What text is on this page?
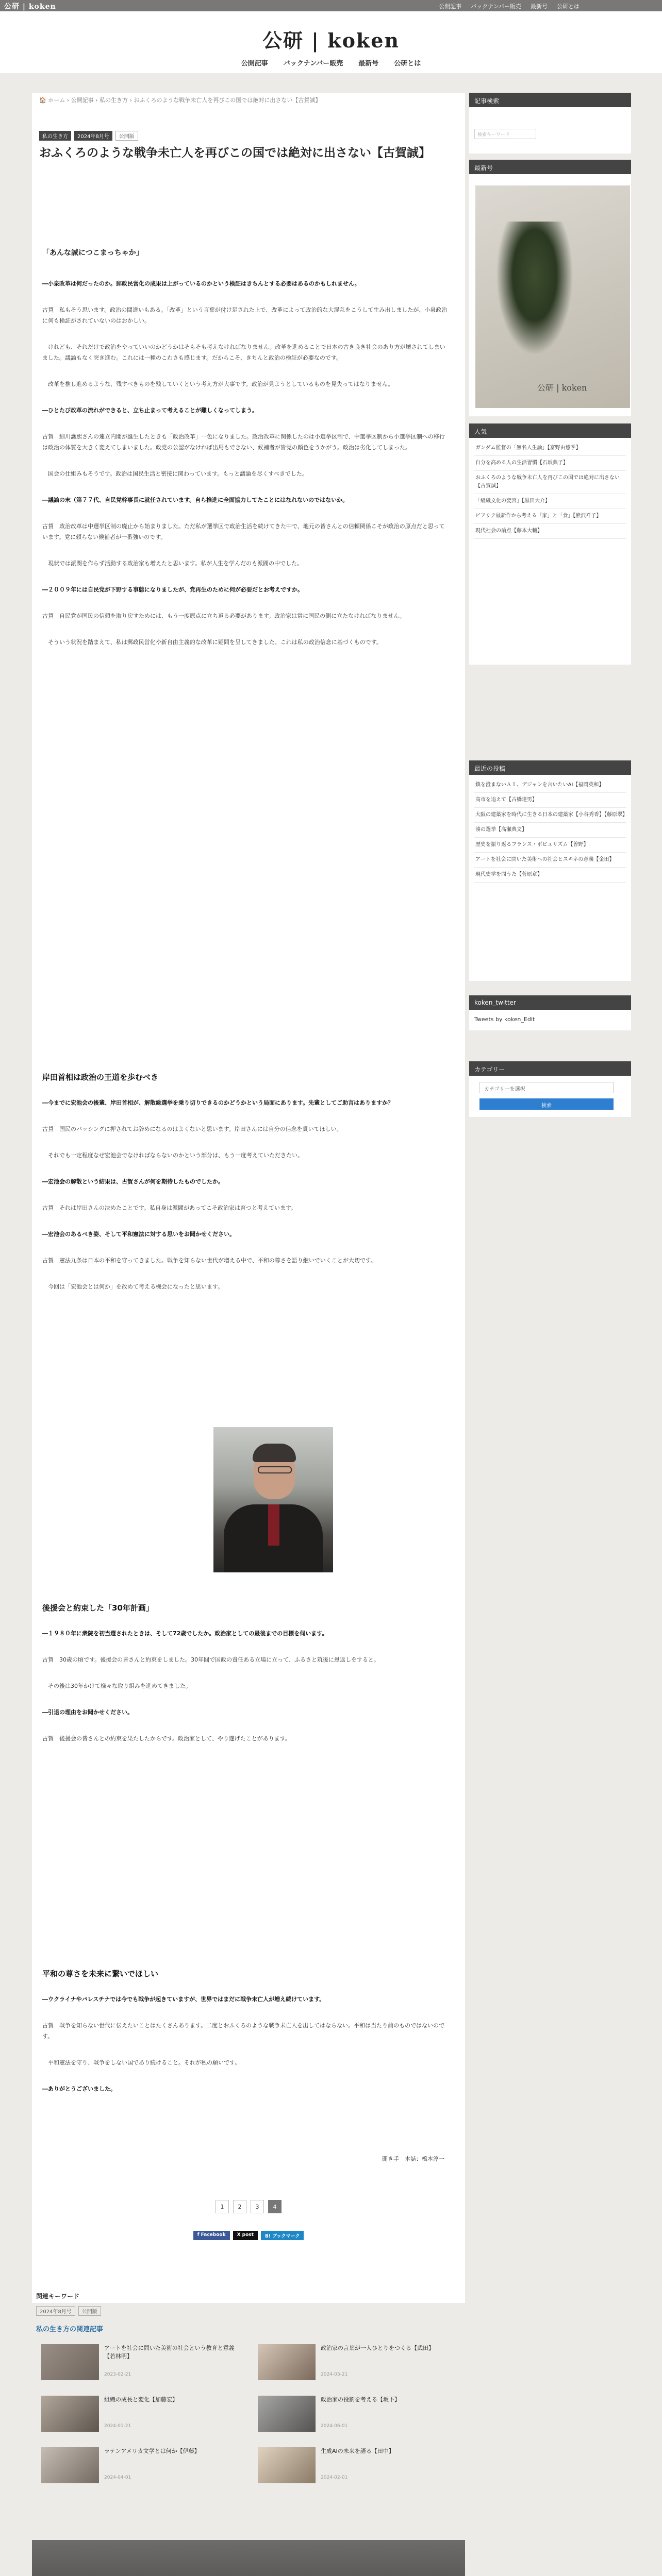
公研 | koken	公開記事 バックナンバー販売 最新号 公研とは
公研 | koken
公開記事 バックナンバー販売 最新号 公研とは
🏠 ホーム › 公開記事 › 私の生き方 › おふくろのような戦争未亡人を再びこの国では絶対に出さない【古賀誠】
私の生き方	2024年8月号	公開版
おふくろのような戦争未亡人を再びこの国では絶対に出さない【古賀誠】
「あんな誠につこまっちゃか」
―小泉改革は何だったのか。郵政民営化の成果は上がっているのかという検証はきちんとする必要はあるのかもしれません。
古賀　私もそう思います。政治の間違いもある。「改革」という言葉が付け足された上で、改革によって政治的な大混乱をこうして生み出しましたが、小泉政治に何も検証がされていないのはおかしい。
　けれども、それだけで政治をやっていいのかどうかはそもそも考えなければなりません。改革を進めることで日本の古き良き社会のあり方が壊されてしまいました。議論もなく突き進む。これには一種のこわさも感じます。だからこそ、きちんと政治の検証が必要なのです。
　改革を推し進めるような、残すべきものを残していくという考え方が大事です。政治が見ようとしているものを見失ってはなりません。
―ひとたび改革の流れができると、立ち止まって考えることが難しくなってしまう。
古賀　細川護熙さんの連立内閣が誕生したときも「政治改革」一色になりました。政治改革に関係したのは小選挙区制で、中選挙区制から小選挙区制への移行は政治の体質を大きく変えてしまいました。政党の公認がなければ出馬もできない、候補者が皆党の顔色をうかがう。政治は劣化してしまった。
　国会の仕組みもそうです。政治は国民生活と密接に関わっています。もっと議論を尽くすべきでした。
―議論の末（第７７代、自民党幹事長に就任されています。自ら推進に全面協力してたことにはなれないのではないか。
古賀　政治改革は中選挙区制の廃止から始まりました。ただ私が選挙区で政治生活を続けてきた中で、地元の皆さんとの信頼関係こそが政治の原点だと思っています。党に頼らない候補者が一番強いのです。
　現状では派閥を作らず活動する政治家も増えたと思います。私が人生を学んだのも派閥の中でした。
―２００９年には自民党が下野する事態になりましたが、党再生のために何が必要だとお考えですか。
古賀　自民党が国民の信頼を取り戻すためには、もう一度原点に立ち返る必要があります。政治家は常に国民の側に立たなければなりません。
　そういう状況を踏まえて、私は郵政民営化や新自由主義的な改革に疑問を呈してきました。これは私の政治信念に基づくものです。
岸田首相は政治の王道を歩むべき
―今までに宏池会の後輩、岸田首相が、解散総選挙を乗り切りできるのかどうかという局面にあります。先輩としてご助言はありますか？
古賀　国民のバッシングに押されてお辞めになるのはよくないと思います。岸田さんには自分の信念を貫いてほしい。
　それでも一定程度なぜ宏池会でなければならないのかという部分は、もう一度考えていただきたい。
―宏池会の解散という結果は、古賀さんが何を期待したものでしたか。
古賀　それは岸田さんの決めたことです。私自身は派閥があってこそ政治家は育つと考えています。
―宏池会のあるべき姿、そして平和憲法に対する思いをお聞かせください。
古賀　憲法九条は日本の平和を守ってきました。戦争を知らない世代が増える中で、平和の尊さを語り継いでいくことが大切です。
　今回は「宏池会とは何か」を改めて考える機会になったと思います。
後援会と約束した「30年計画」
―１９８０年に衆院を初当選されたときは、そして72歳でしたか。政治家としての最後までの目標を伺います。
古賀　30歳の頃です。後援会の皆さんと約束をしました。30年間で国政の責任ある立場に立って、ふるさと筑後に恩返しをすると。
　その後は30年かけて様々な取り組みを進めてきました。
―引退の理由をお聞かせください。
古賀　後援会の皆さんとの約束を果たしたからです。政治家として、やり遂げたことがあります。
平和の尊さを未来に繋いでほしい
―ウクライナやパレスチナでは今でも戦争が起きていますが、世界ではまだに戦争未亡人が増え続けています。
古賀　戦争を知らない世代に伝えたいことはたくさんあります。二度とおふくろのような戦争未亡人を出してはならない。平和は当たり前のものではないのです。
　平和憲法を守り、戦争をしない国であり続けること。それが私の願いです。
―ありがとうございました。
聞き手　本誌：橋本淳一
1	2	3	4
f Facebook	X post	B! ブックマーク
記事検索
検索キーワード
最新号
公研 | koken
人気
ガンダム監督の「無名人生論」【富野由悠季】
自分を高める人の生活習慣【石坂典子】
おふくろのような戦争未亡人を再びこの国では絶対に出さない【古賀誠】
「組織文化の変容」【黒田大介】
ビアリテ最新作から考える「家」と「食」【熊沢祥子】
現代社会の論点【藤本大輔】
最近の投稿
鎮を澄まないＡＩ、デジャンを言いたいAI【福岡英和】
高市を追えて【古橋達男】
大阪の建築家を時代に生きる日本の建築家【小谷秀香】【藤原翠】
湊の選挙【高瀬典文】
歴史を振り返るフランス・ポピュリズム【曽野】
アートを社会に問いた美術への社会とスキネの意義【金田】
現代史学を問うた【菅原章】
koken_twitter
Tweets by koken_Edit
カテゴリー
カテゴリーを選択
検索
関連キーワード
2024年8月号	公開版
私の生き方の関連記事
アートを社会に問いた美術の社会という教育と意義【若林明】
2023-02-21
政治家の言葉が一人ひとりをつくる【武田】
2024-03-21
組織の成長と変化【加藤宏】
2024-01-21
政治家の役割を考える【坂下】
2024-06-01
ラテンアメリカ文学とは何か【伊藤】
2024-04-01
生成AIの未来を語る【田中】
2024-02-01
